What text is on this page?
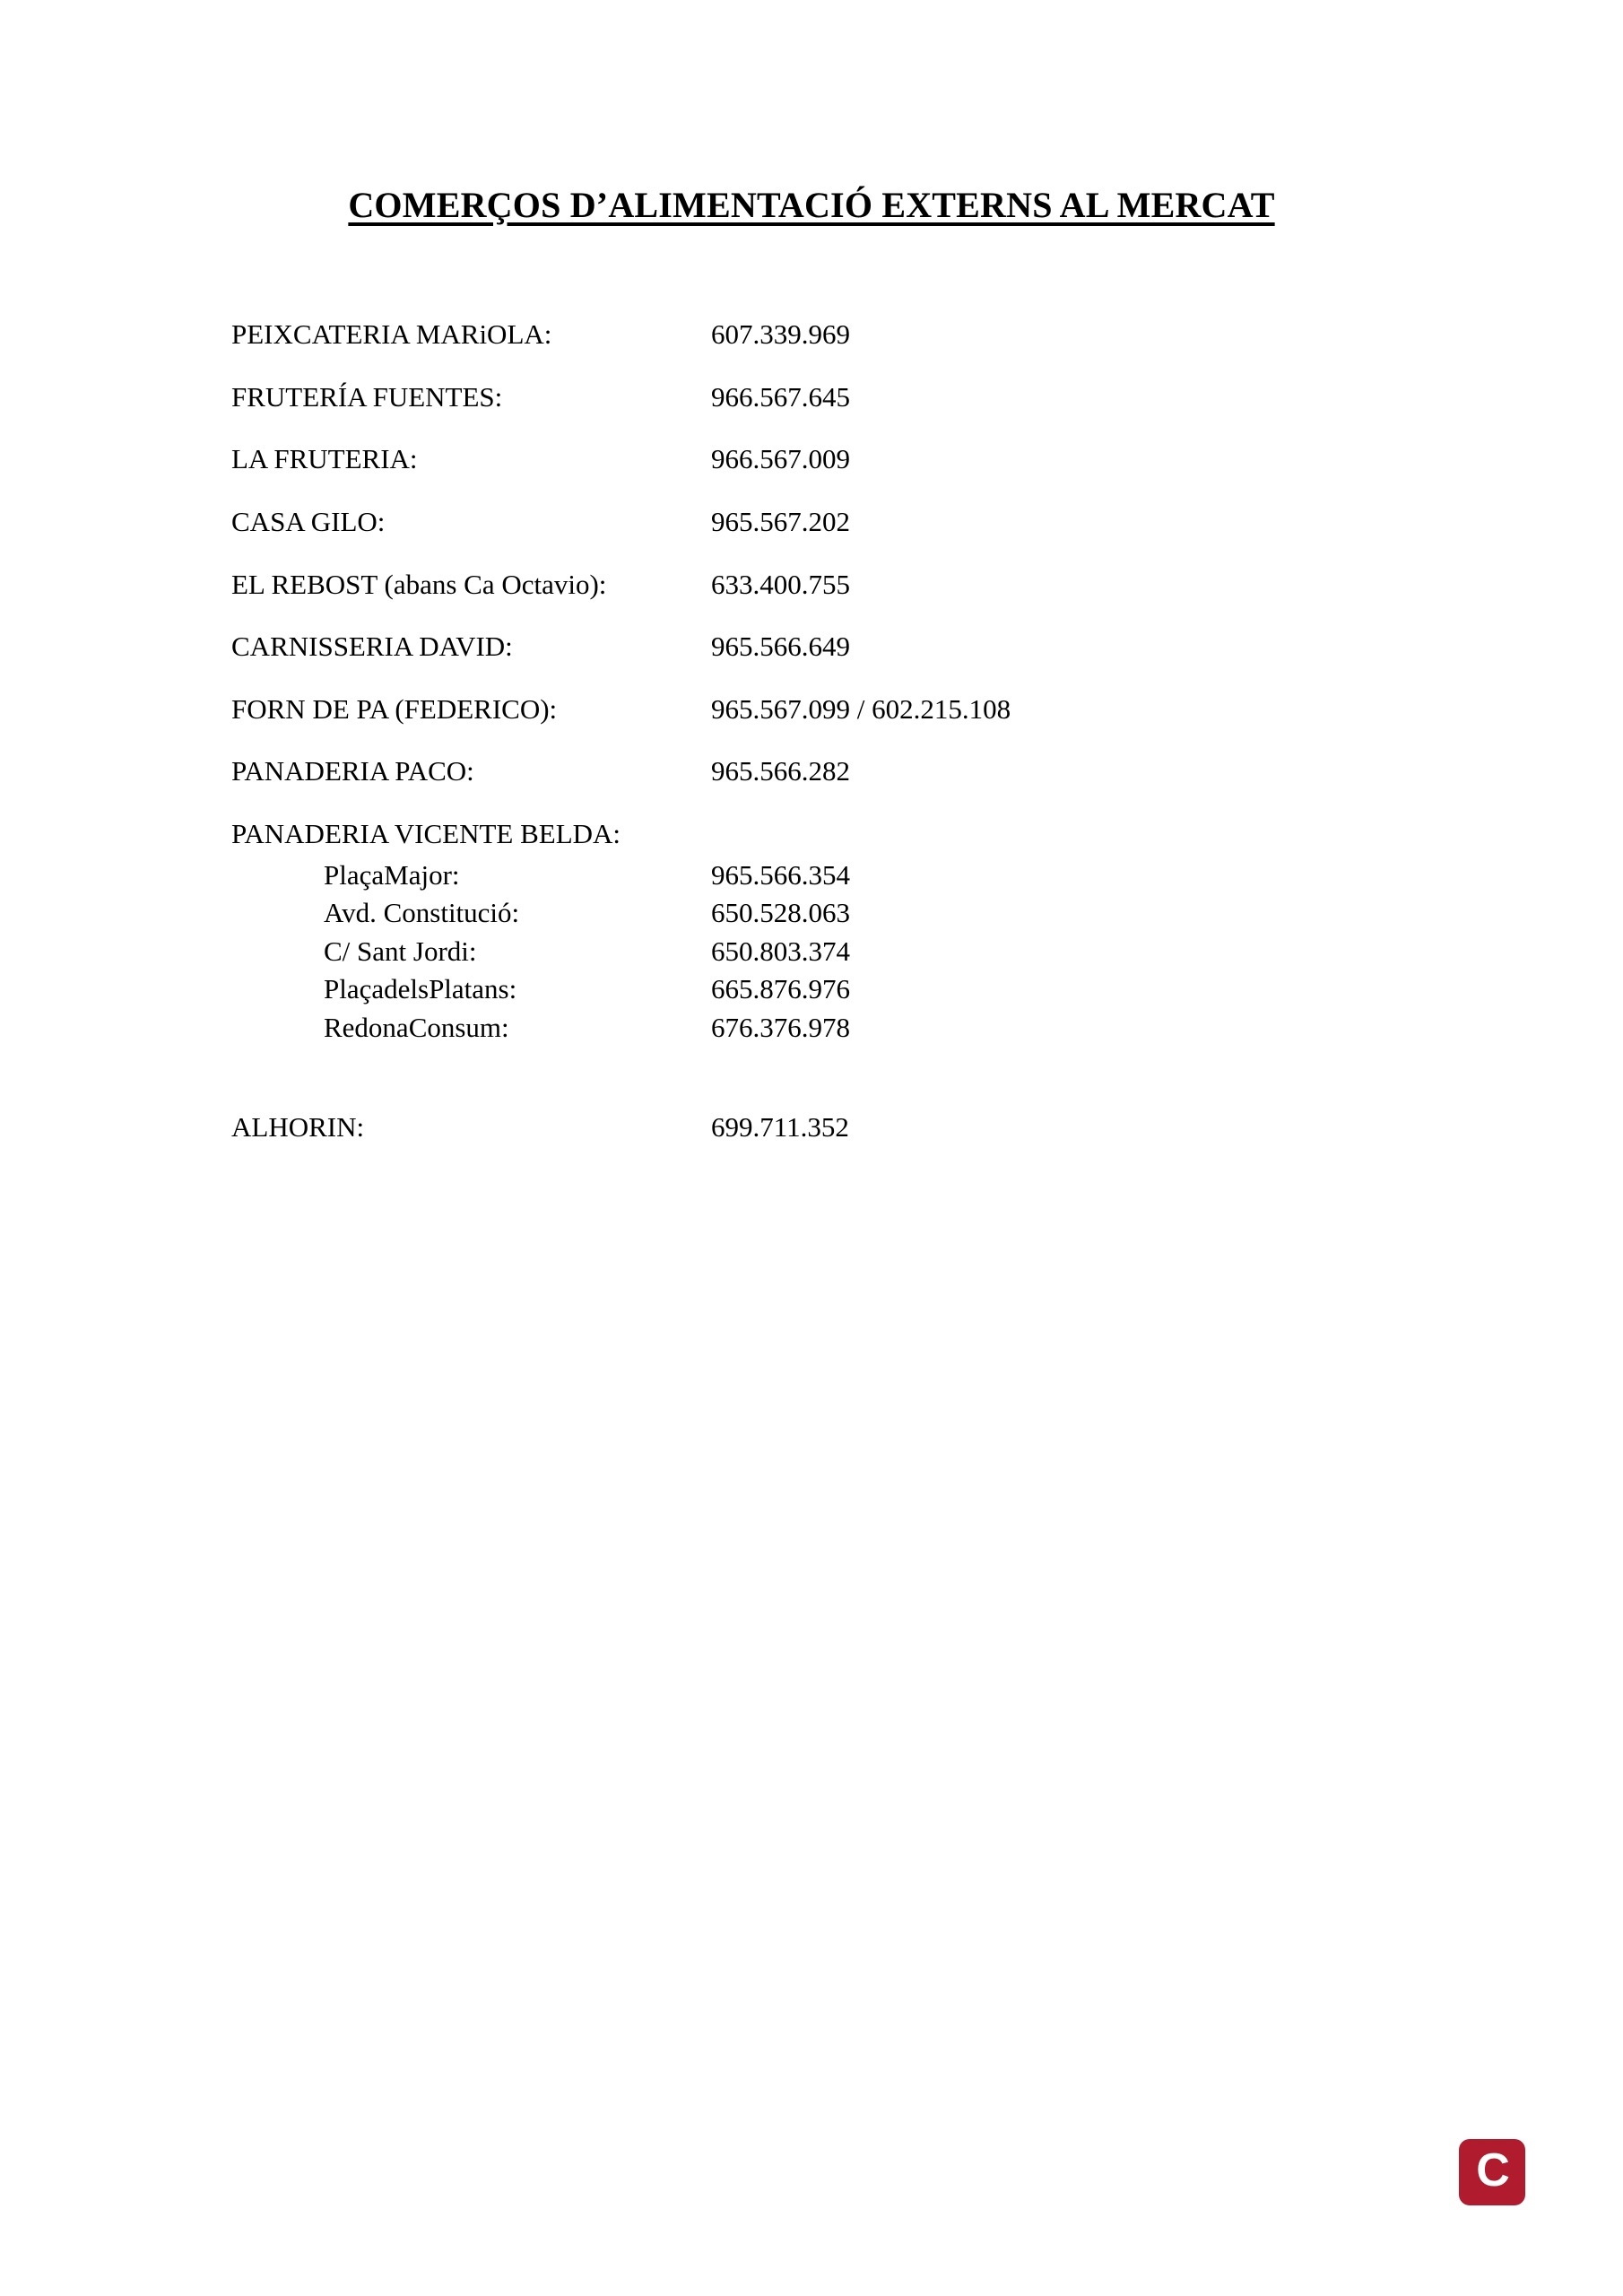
COMERÇOS D’ALIMENTACIÓ EXTERNS AL MERCAT
PEIXCATERIA MARiOLA:	607.339.969
FRUTERÍA FUENTES:	966.567.645
LA FRUTERIA:	966.567.009
CASA GILO:	965.567.202
EL REBOST (abans Ca Octavio):	633.400.755
CARNISSERIA DAVID:	965.566.649
FORN DE PA (FEDERICO):	965.567.099 / 602.215.108
PANADERIA PACO:	965.566.282
PANADERIA VICENTE BELDA:
PlaçaMajor:	965.566.354
Avd. Constitució:	650.528.063
C/ Sant Jordi:	650.803.374
PlaçadelsPlatans:	665.876.976
RedonaConsum:	676.376.978
ALHORIN:	699.711.352
C
